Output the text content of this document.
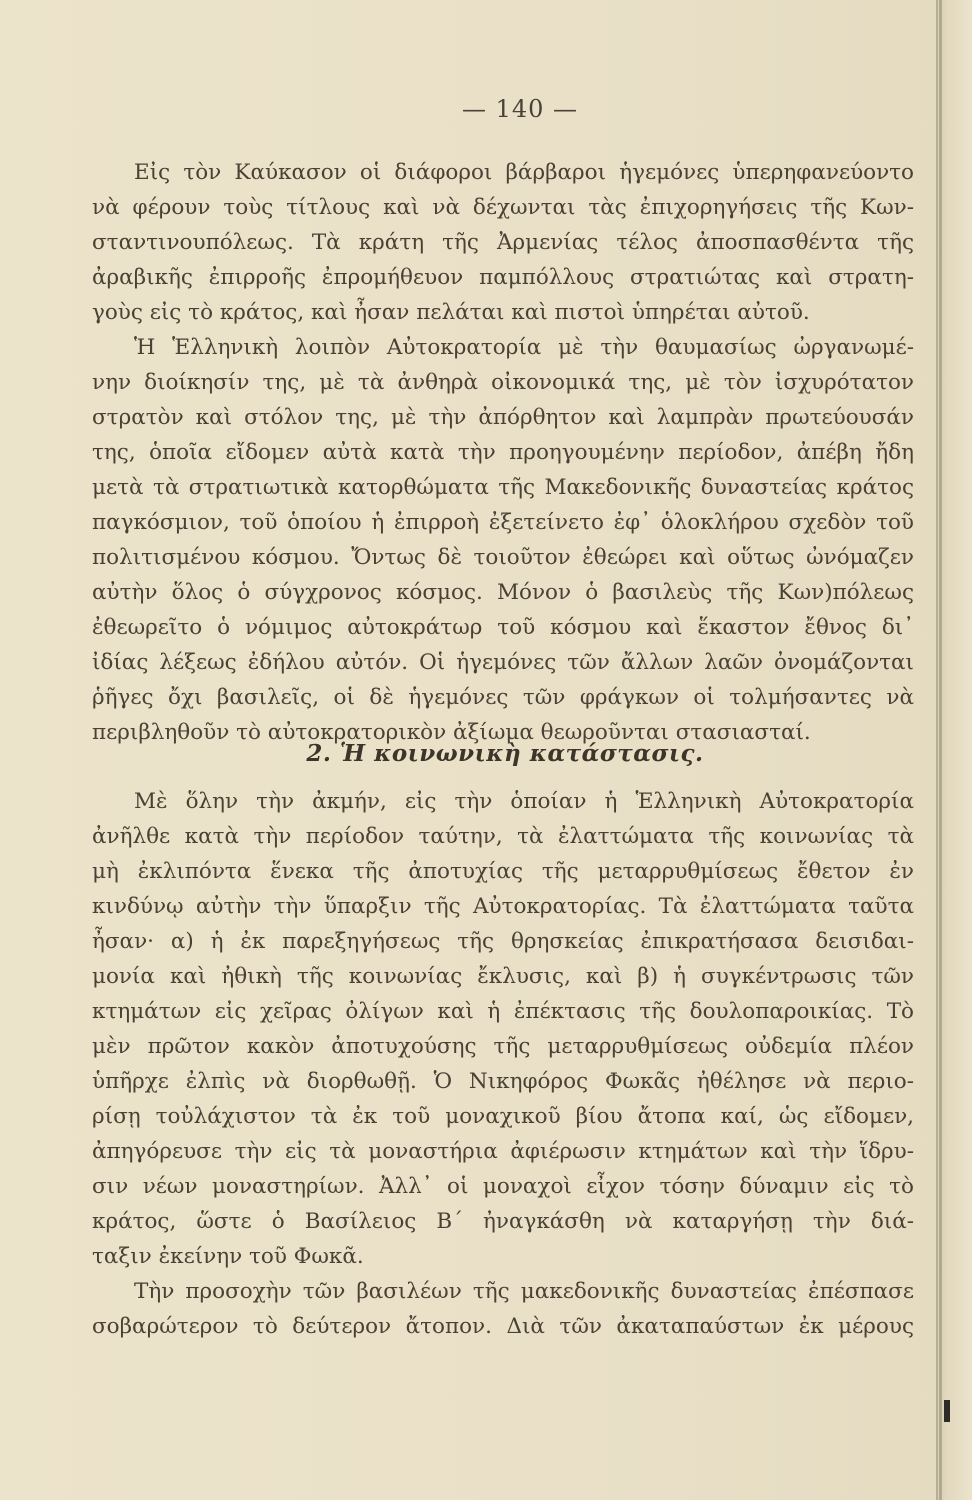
— 140 —
Εἰς τὸν Καύκασον οἱ διάφοροι βάρβαροι ἡγεμόνες ὑπερηφανεύοντο
νὰ φέρουν τοὺς τίτλους καὶ νὰ δέχωνται τὰς ἐπιχορηγήσεις τῆς Κων-
σταντινουπόλεως. Τὰ κράτη τῆς Ἀρμενίας τέλος ἀποσπασθέντα τῆς
ἀραβικῆς ἐπιρροῆς ἐπρομήθευον παμπόλλους στρατιώτας καὶ στρατη-
γοὺς εἰς τὸ κράτος, καὶ ἦσαν πελάται καὶ πιστοὶ ὑπηρέται αὐτοῦ.
Ἡ Ἑλληνικὴ λοιπὸν Αὐτοκρατορία μὲ τὴν θαυμασίως ὠργανωμέ-
νην διοίκησίν της, μὲ τὰ ἀνθηρὰ οἰκονομικά της, μὲ τὸν ἰσχυρότατον
στρατὸν καὶ στόλον της, μὲ τὴν ἀπόρθητον καὶ λαμπρὰν πρωτεύουσάν
της, ὁποῖα εἴδομεν αὐτὰ κατὰ τὴν προηγουμένην περίοδον, ἀπέβη ἤδη
μετὰ τὰ στρατιωτικὰ κατορθώματα τῆς Μακεδονικῆς δυναστείας κράτος
παγκόσμιον, τοῦ ὁποίου ἡ ἐπιρροὴ ἐξετείνετο ἐφ᾿ ὁλοκλήρου σχεδὸν τοῦ
πολιτισμένου κόσμου. Ὄντως δὲ τοιοῦτον ἐθεώρει καὶ οὕτως ὠνόμαζεν
αὐτὴν ὅλος ὁ σύγχρονος κόσμος. Μόνον ὁ βασιλεὺς τῆς Κων)πόλεως
ἐθεωρεῖτο ὁ νόμιμος αὐτοκράτωρ τοῦ κόσμου καὶ ἕκαστον ἔθνος δι᾿
ἰδίας λέξεως ἐδήλου αὐτόν. Οἱ ἡγεμόνες τῶν ἄλλων λαῶν ὀνομάζονται
ῥῆγες ὄχι βασιλεῖς, οἱ δὲ ἡγεμόνες τῶν φράγκων οἱ τολμήσαντες νὰ
περιβληθοῦν τὸ αὐτοκρατορικὸν ἀξίωμα θεωροῦνται στασιασταί.
2. Ἡ κοινωνικὴ κατάστασις.
Μὲ ὅλην τὴν ἀκμήν, εἰς τὴν ὁποίαν ἡ Ἑλληνικὴ Αὐτοκρατορία
ἀνῆλθε κατὰ τὴν περίοδον ταύτην, τὰ ἐλαττώματα τῆς κοινωνίας τὰ
μὴ ἐκλιπόντα ἕνεκα τῆς ἀποτυχίας τῆς μεταρρυθμίσεως ἔθετον ἐν
κινδύνῳ αὐτὴν τὴν ὕπαρξιν τῆς Αὐτοκρατορίας. Τὰ ἐλαττώματα ταῦτα
ἦσαν· α) ἡ ἐκ παρεξηγήσεως τῆς θρησκείας ἐπικρατήσασα δεισιδαι-
μονία καὶ ἠθικὴ τῆς κοινωνίας ἔκλυσις, καὶ β) ἡ συγκέντρωσις τῶν
κτημάτων εἰς χεῖρας ὀλίγων καὶ ἡ ἐπέκτασις τῆς δουλοπαροικίας. Τὸ
μὲν πρῶτον κακὸν ἀποτυχούσης τῆς μεταρρυθμίσεως οὐδεμία πλέον
ὑπῆρχε ἐλπὶς νὰ διορθωθῇ. Ὁ Νικηφόρος Φωκᾶς ἠθέλησε νὰ περιο-
ρίσῃ τοὐλάχιστον τὰ ἐκ τοῦ μοναχικοῦ βίου ἄτοπα καί, ὡς εἴδομεν,
ἀπηγόρευσε τὴν εἰς τὰ μοναστήρια ἀφιέρωσιν κτημάτων καὶ τὴν ἵδρυ-
σιν νέων μοναστηρίων. Ἀλλ᾿ οἱ μοναχοὶ εἶχον τόσην δύναμιν εἰς τὸ
κράτος, ὥστε ὁ Βασίλειος Β΄ ἠναγκάσθη νὰ καταργήσῃ τὴν διά-
ταξιν ἐκείνην τοῦ Φωκᾶ.
Τὴν προσοχὴν τῶν βασιλέων τῆς μακεδονικῆς δυναστείας ἐπέσπασε
σοβαρώτερον τὸ δεύτερον ἄτοπον. Διὰ τῶν ἀκαταπαύστων ἐκ μέρους
